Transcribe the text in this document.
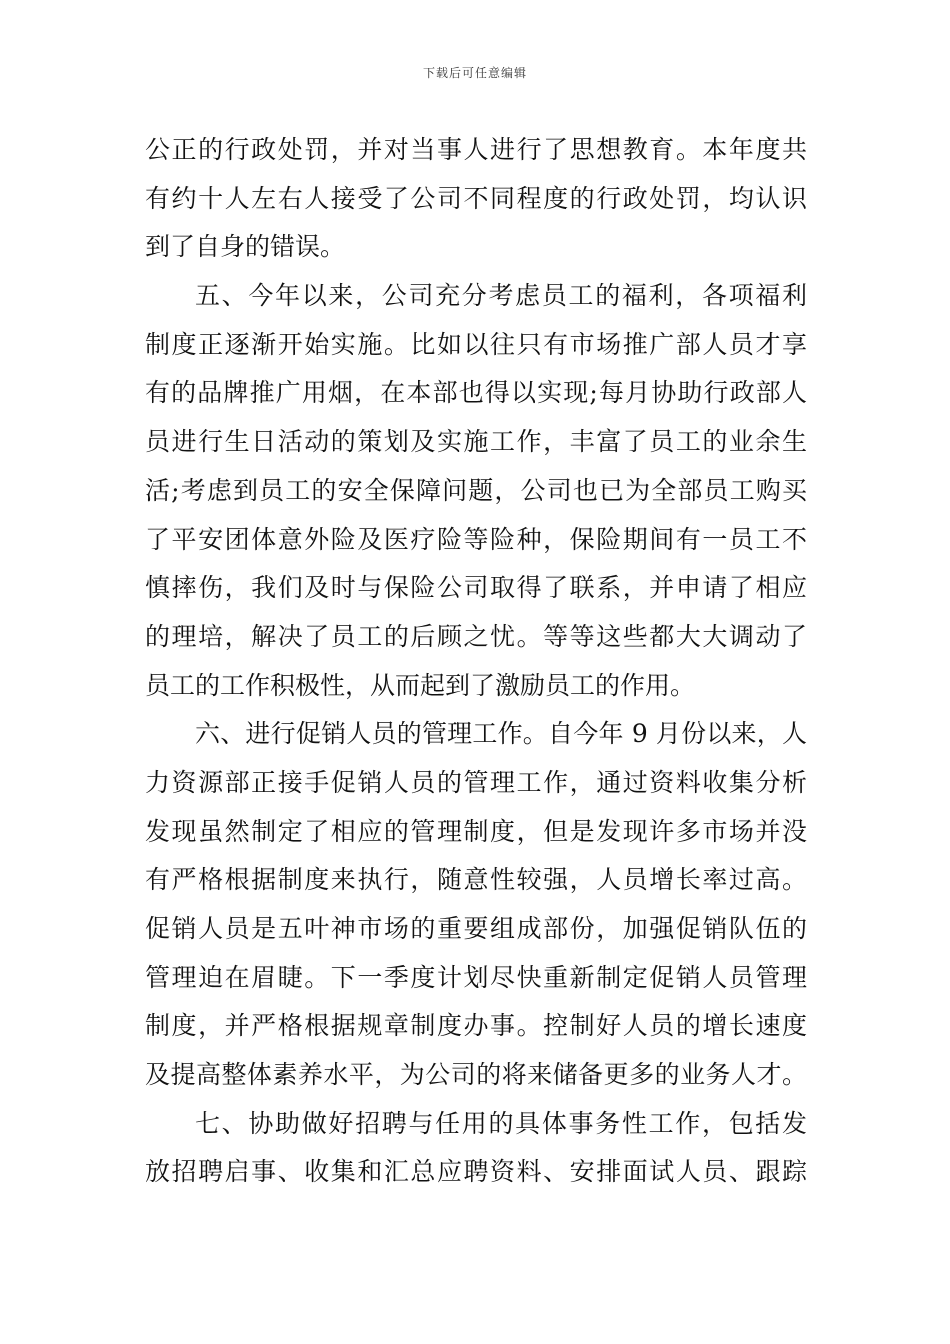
下载后可任意编辑
公正的行政处罚，并对当事人进行了思想教育。本年度共
有约十人左右人接受了公司不同程度的行政处罚，均认识
到了自身的错误。
五、今年以来，公司充分考虑员工的福利，各项福利
制度正逐渐开始实施。比如以往只有市场推广部人员才享
有的品牌推广用烟，在本部也得以实现;每月协助行政部人
员进行生日活动的策划及实施工作，丰富了员工的业余生
活;考虑到员工的安全保障问题，公司也已为全部员工购买
了平安团体意外险及医疗险等险种，保险期间有一员工不
慎摔伤，我们及时与保险公司取得了联系，并申请了相应
的理培，解决了员工的后顾之忧。等等这些都大大调动了
员工的工作积极性，从而起到了激励员工的作用。
六、进行促销人员的管理工作。自今年 9 月份以来，人
力资源部正接手促销人员的管理工作，通过资料收集分析
发现虽然制定了相应的管理制度，但是发现许多市场并没
有严格根据制度来执行，随意性较强，人员增长率过高。
促销人员是五叶神市场的重要组成部份，加强促销队伍的
管理迫在眉睫。下一季度计划尽快重新制定促销人员管理
制度，并严格根据规章制度办事。控制好人员的增长速度
及提高整体素养水平，为公司的将来储备更多的业务人才。
七、协助做好招聘与任用的具体事务性工作，包括发
放招聘启事、收集和汇总应聘资料、安排面试人员、跟踪
